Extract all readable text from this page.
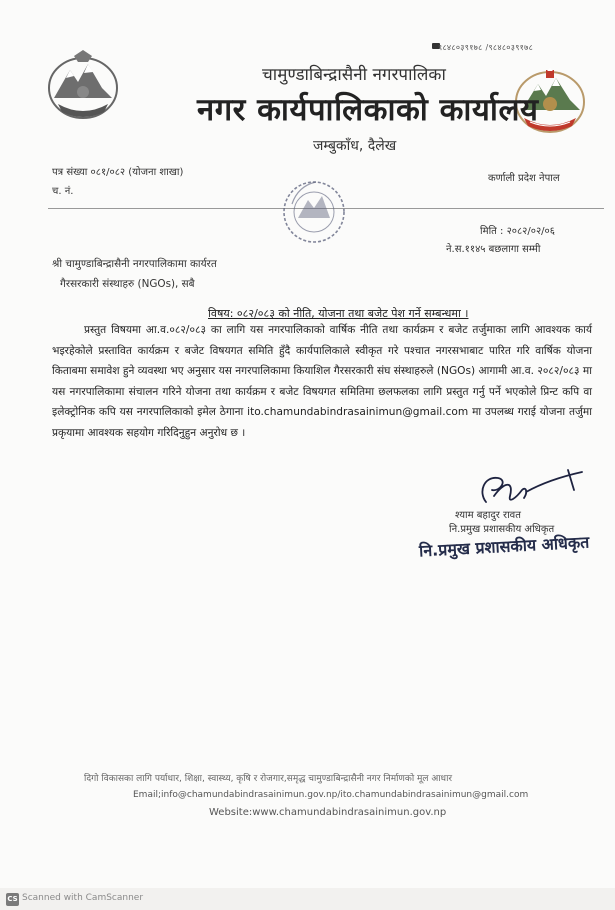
९८४८०३९१७८ /९८४८०३९१७८
चामुण्डाबिन्द्रासैनी नगरपालिका
नगर कार्यपालिकाको कार्यालय
जम्बुकाँध, दैलेख
पत्र संख्या ०८१/०८२ (योजना शाखा)
च. नं.
कर्णाली प्रदेश नेपाल
मिति : २०८२/०२/०६
ने.स.११४५ बछलागा सम्मी
श्री चामुण्डाबिन्द्रासैनी नगरपालिकामा कार्यरत
गैरसरकारी संस्थाहरु (NGOs), सबै
विषय: ०८२/०८३ को नीति, योजना तथा बजेट पेश गर्ने सम्बन्धमा ।

प्रस्तुत विषयमा आ.व.०८२/०८३ का लागि यस नगरपालिकाको वार्षिक नीति तथा कार्यक्रम र बजेट तर्जुमाका लागि आवश्यक कार्य भइरहेकोले प्रस्तावित कार्यक्रम र बजेट विषयगत समिति हुँदै कार्यपालिकाले स्वीकृत गरे पश्चात नगरसभाबाट पारित गरि वार्षिक योजना किताबमा समावेश हुने व्यवस्था भए अनुसार यस नगरपालिकामा कियाशिल गैरसरकारी संघ संस्थाहरुले (NGOs) आगामी आ.व. २०८२/०८३ मा यस नगरपालिकामा संचालन गरिने योजना तथा कार्यक्रम र बजेट विषयगत समितिमा छलफलका लागि प्रस्तुत गर्नु पर्ने भएकोले प्रिन्ट कपि वा इलेक्ट्रोनिक कपि यस नगरपालिकाको इमेल ठेगाना ito.chamundabindrasainimun@gmail.com मा उपलब्ध गराई योजना तर्जुमा प्रकृयामा आवश्यक सहयोग गरिदिनुहुन अनुरोध छ ।

श्याम बहादुर रावत
नि.प्रमुख प्रशासकीय अधिकृत
नि.प्रमुख प्रशासकीय अधिकृत
दिगो विकासका लागि पर्याधार, शिक्षा, स्वास्थ्य, कृषि र रोजगार,समृद्ध चामुण्डाबिन्द्रासैनी नगर निर्माणको मूल आधार
Email;info@chamundabindrasainimun.gov.np/ito.chamundabindrasainimun@gmail.com
Website:www.chamundabindrasainimun.gov.np
CS Scanned with CamScanner
